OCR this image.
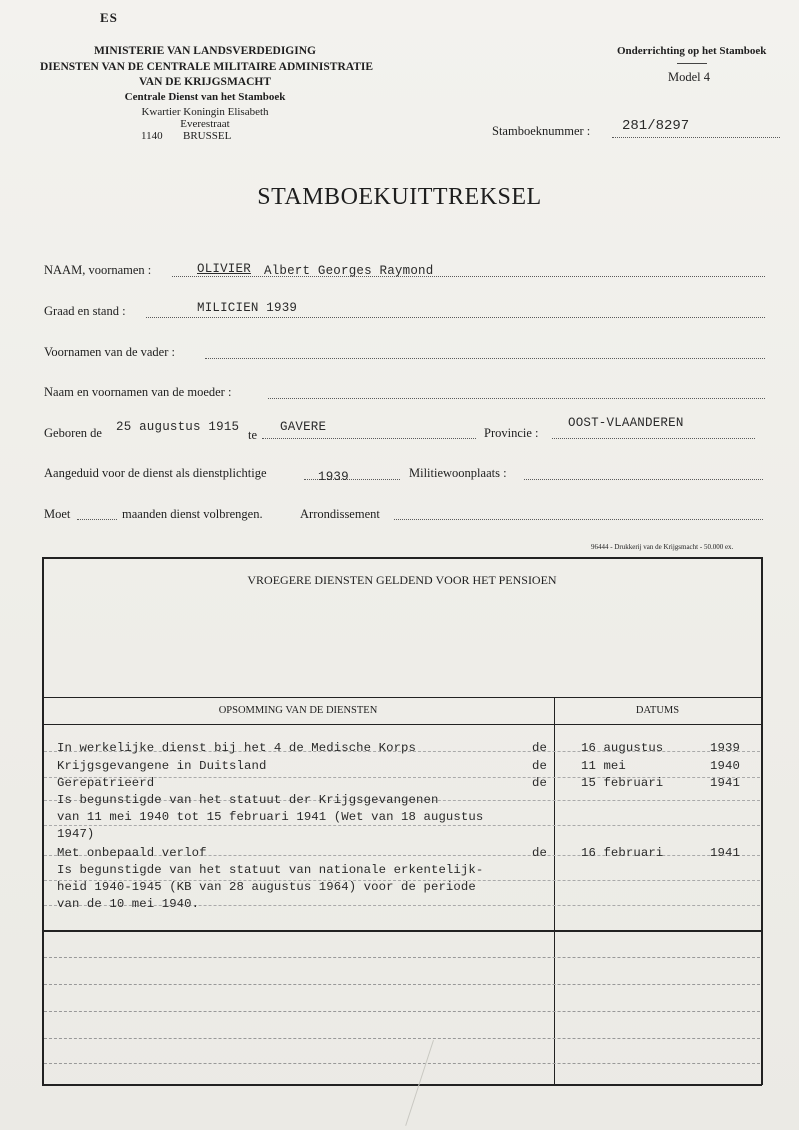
ES
MINISTERIE VAN LANDSVERDEDIGING
DIENSTEN VAN DE CENTRALE MILITAIRE ADMINISTRATIE
VAN DE KRIJGSMACHT
Centrale Dienst van het Stamboek
Kwartier Koningin Elisabeth
Everestraat
1140 BRUSSEL
Onderrichting op het Stamboek
Model 4
Stamboeknummer : 281/8297
STAMBOEKUITTREKSEL
NAAM, voornamen :	OLIVIER Albert Georges Raymond
Graad en stand :	MILICIEN 1939
Voornamen van de vader :
Naam en voornamen van de moeder :
Geboren de 25 augustus 1915
te
GAVERE	Provincie :
OOST-VLAANDEREN
Aangeduid voor de dienst als dienstplichtige	1939	Militiewoonplaats :
Moet	maanden dienst volbrengen.	Arrondissement
96444 - Drukkerij van de Krijgsmacht - 50.000 ex.
VROEGERE DIENSTEN GELDEND VOOR HET PENSIOEN
OPSOMMING VAN DE DIENSTEN	DATUMS
In werkelijke dienst bij het 4 de Medische Korps	de	16 augustus	1939
Krijgsgevangene in Duitsland	de	11 mei	1940
Gerepatrieerd	de	15 februari	1941
Is begunstigde van het statuut der Krijgsgevangenen
van 11 mei 1940 tot 15 februari 1941 (Wet van 18 augustus
1947)
Met onbepaald verlof	de	16 februari	1941
Is begunstigde van het statuut van nationale erkentelijk-
heid 1940-1945 (KB van 28 augustus 1964) voor de periode
van de 10 mei 1940.
